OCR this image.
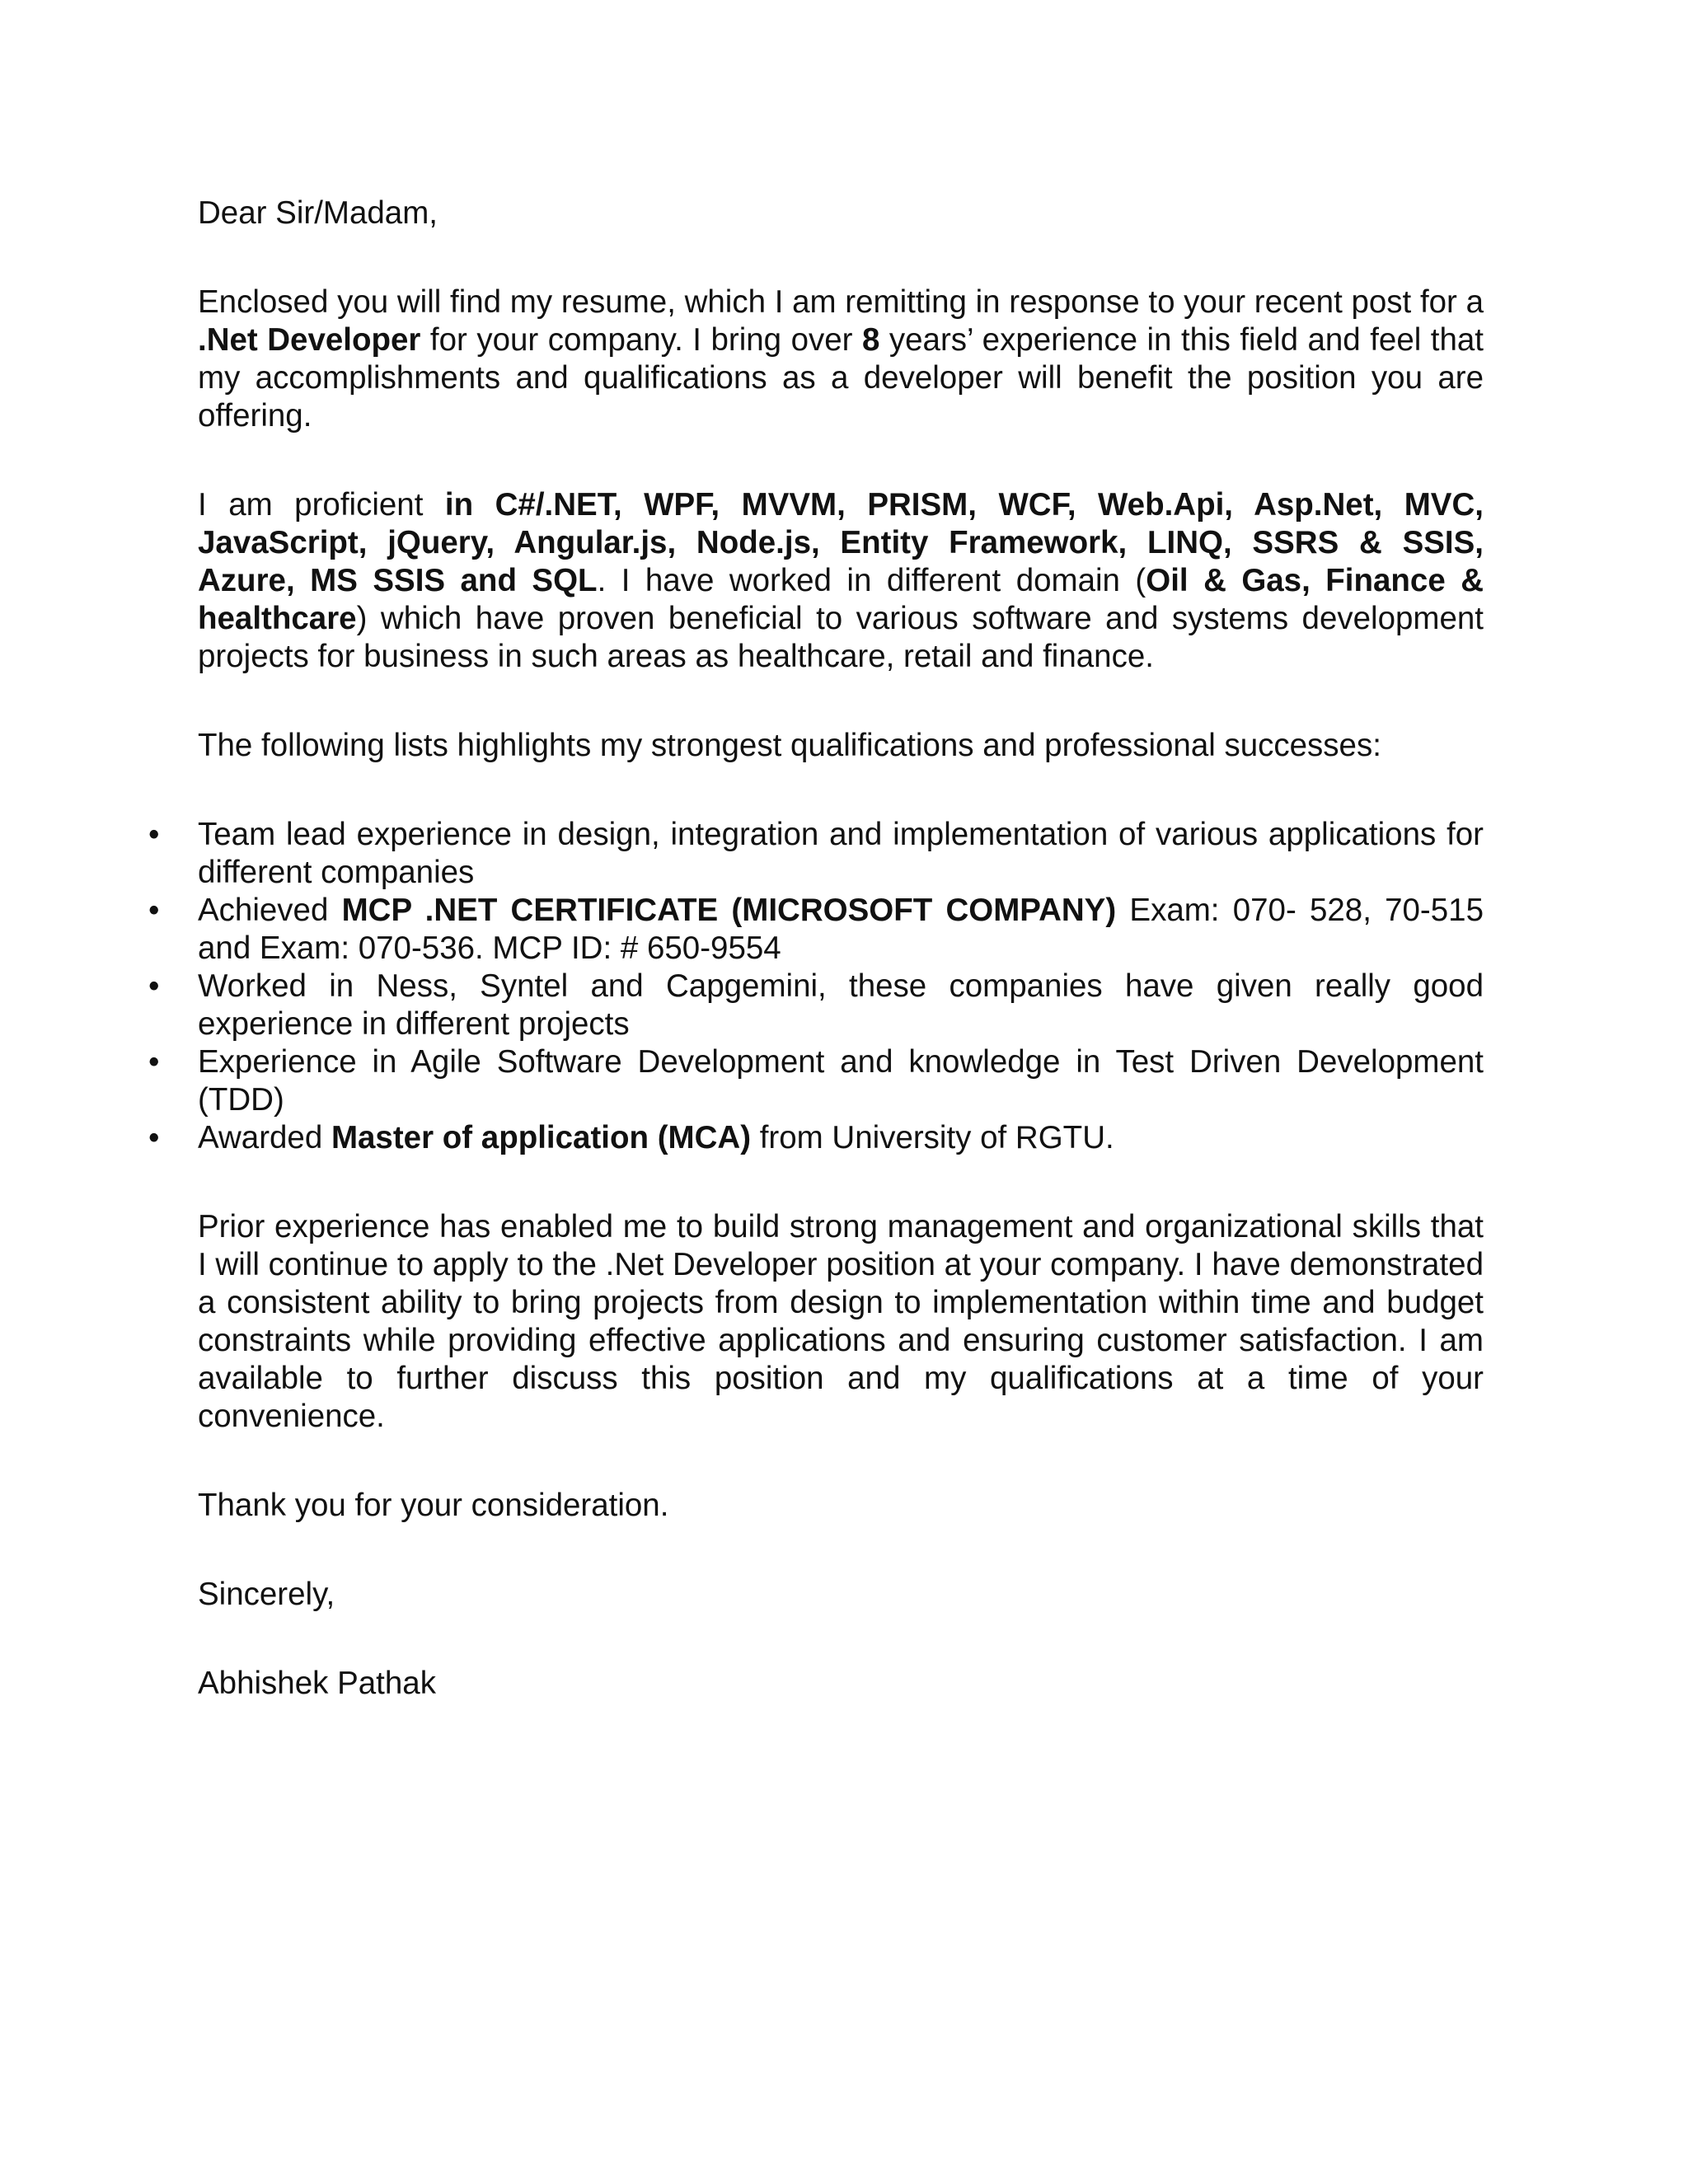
Dear Sir/Madam,

Enclosed you will find my resume, which I am remitting in response to your recent post for a .Net Developer for your company. I bring over 8 years’ experience in this field and feel that my accomplishments and qualifications as a developer will benefit the position you are offering.

I am proficient in C#/.NET, WPF, MVVM, PRISM, WCF, Web.Api, Asp.Net, MVC, JavaScript, jQuery, Angular.js, Node.js, Entity Framework, LINQ, SSRS & SSIS, Azure, MS SSIS and SQL. I have worked in different domain (Oil & Gas, Finance & healthcare) which have proven beneficial to various software and systems development projects for business in such areas as healthcare, retail and finance.

The following lists highlights my strongest qualifications and professional successes:

• Team lead experience in design, integration and implementation of various applications for different companies
• Achieved MCP .NET CERTIFICATE (MICROSOFT COMPANY) Exam: 070- 528, 70-515 and Exam: 070-536. MCP ID: # 650-9554
• Worked in Ness, Syntel and Capgemini, these companies have given really good experience in different projects
• Experience in Agile Software Development and knowledge in Test Driven Development (TDD)
• Awarded Master of application (MCA) from University of RGTU.

Prior experience has enabled me to build strong management and organizational skills that I will continue to apply to the .Net Developer position at your company. I have demonstrated a consistent ability to bring projects from design to implementation within time and budget constraints while providing effective applications and ensuring customer satisfaction. I am available to further discuss this position and my qualifications at a time of your convenience.

Thank you for your consideration.

Sincerely,

Abhishek Pathak
